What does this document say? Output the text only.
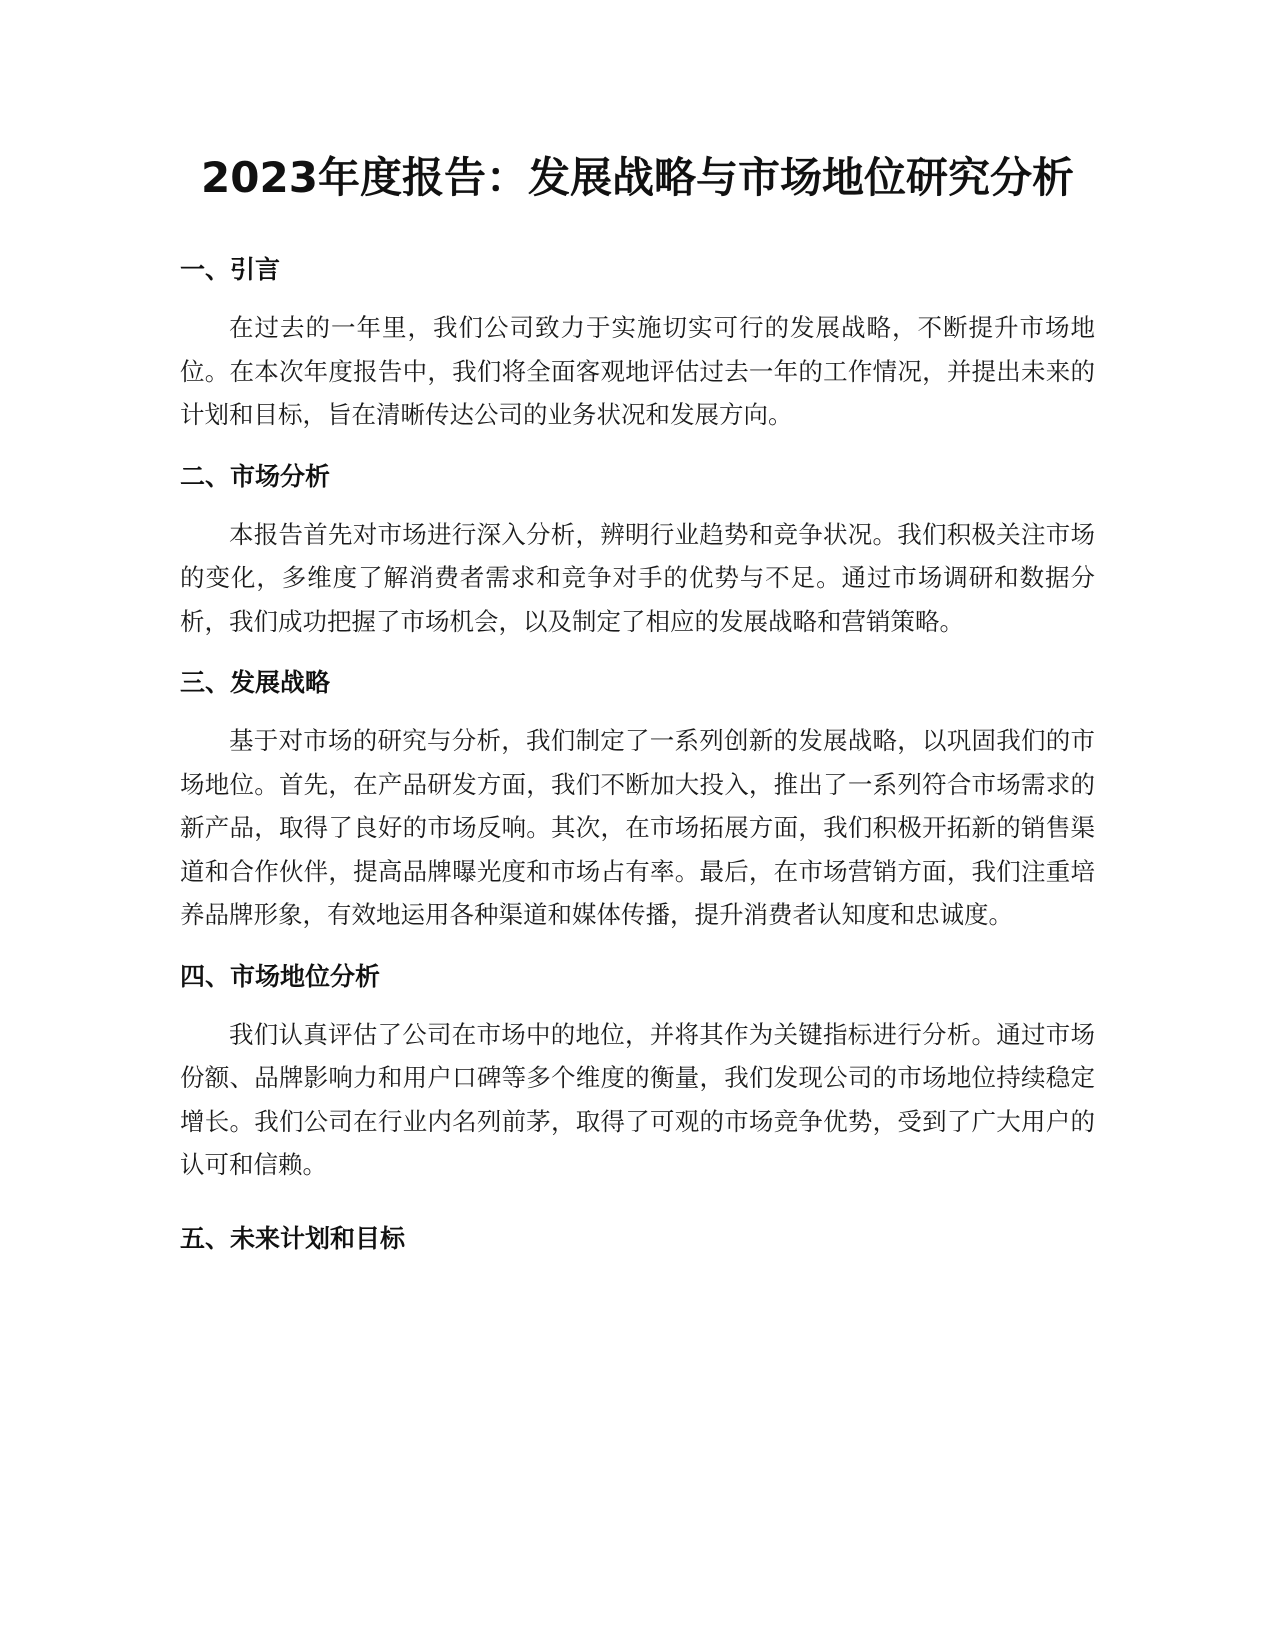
2023年度报告：发展战略与市场地位研究分析
一、引言

在过去的一年里，我们公司致力于实施切实可行的发展战略，不断提升市场地位。在本次年度报告中，我们将全面客观地评估过去一年的工作情况，并提出未来的计划和目标，旨在清晰传达公司的业务状况和发展方向。

二、市场分析

本报告首先对市场进行深入分析，辨明行业趋势和竞争状况。我们积极关注市场的变化，多维度了解消费者需求和竞争对手的优势与不足。通过市场调研和数据分析，我们成功把握了市场机会，以及制定了相应的发展战略和营销策略。

三、发展战略

基于对市场的研究与分析，我们制定了一系列创新的发展战略，以巩固我们的市场地位。首先，在产品研发方面，我们不断加大投入，推出了一系列符合市场需求的新产品，取得了良好的市场反响。其次，在市场拓展方面，我们积极开拓新的销售渠道和合作伙伴，提高品牌曝光度和市场占有率。最后，在市场营销方面，我们注重培养品牌形象，有效地运用各种渠道和媒体传播，提升消费者认知度和忠诚度。

四、市场地位分析

我们认真评估了公司在市场中的地位，并将其作为关键指标进行分析。通过市场份额、品牌影响力和用户口碑等多个维度的衡量，我们发现公司的市场地位持续稳定增长。我们公司在行业内名列前茅，取得了可观的市场竞争优势，受到了广大用户的认可和信赖。

五、未来计划和目标
